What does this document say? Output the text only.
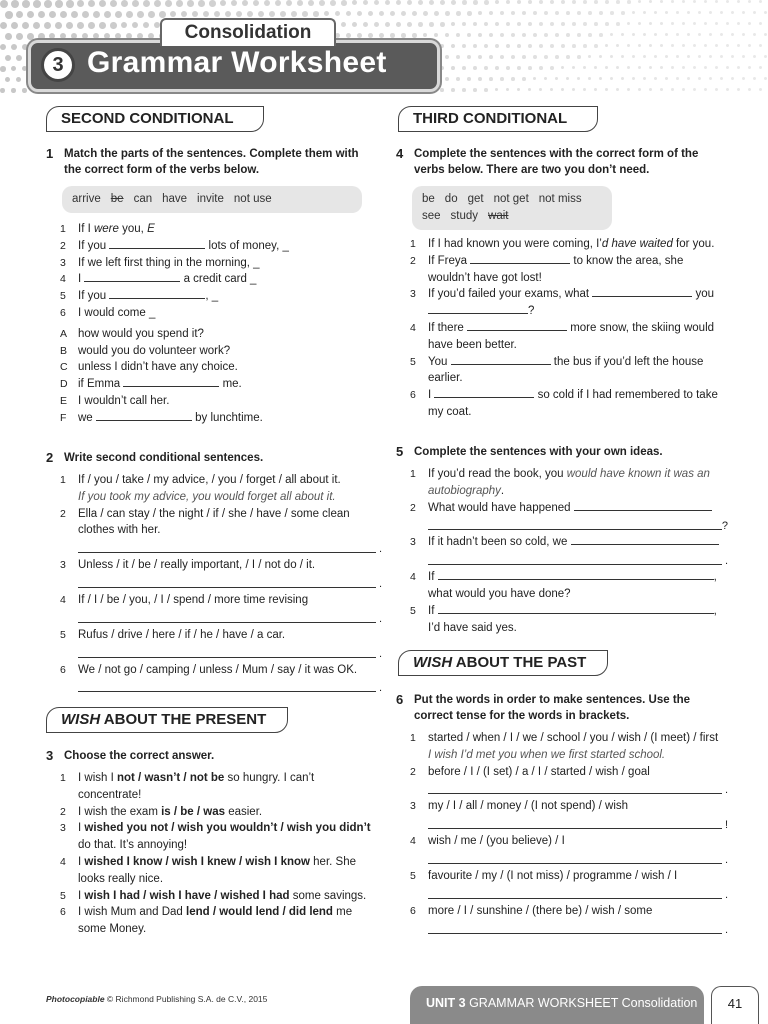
Consolidation
3 Grammar Worksheet
SECOND CONDITIONAL
1 Match the parts of the sentences. Complete them with the correct form of the verbs below.
arrive be can have invite not use
1 If I were you, E
2 If you	lots of money, _
3 If we left first thing in the morning, _
4 I	a credit card _
5 If you	, _
6 I would come _
A how would you spend it?
B would you do volunteer work?
C unless I didn’t have any choice.
D if Emma	me.
E I wouldn’t call her.
F we	by lunchtime.
2 Write second conditional sentences.
1 If / you / take / my advice, / you / forget / all about it.
If you took my advice, you would forget all about it.
2 Ella / can stay / the night / if / she / have / some clean clothes with her.
.
3 Unless / it / be / really important, / I / not do / it.
.
4 If / I / be / you, / I / spend / more time revising
.
5 Rufus / drive / here / if / he / have / a car.
.
6 We / not go / camping / unless / Mum / say / it was OK.
.
WISH ABOUT THE PRESENT
3 Choose the correct answer.
1 I wish I not / wasn’t / not be so hungry. I can’t concentrate!
2 I wish the exam is / be / was easier.
3 I wished you not / wish you wouldn’t / wish you didn’t do that. It’s annoying!
4 I wished I know / wish I knew / wish I know her. She looks really nice.
5 I wish I had / wish I have / wished I had some savings.
6 I wish Mum and Dad lend / would lend / did lend me some Money.
THIRD CONDITIONAL
4 Complete the sentences with the correct form of the verbs below. There are two you don’t need.
be do get not get not miss
see study wait
1 If I had known you were coming, I’d have waited for you.
2 If Freya	to know the area, she wouldn’t have got lost!
3 If you’d failed your exams, what	you
?
4 If there	more snow, the skiing would have been better.
5 You	the bus if you’d left the house earlier.
6 I	so cold if I had remembered to take my coat.
5 Complete the sentences with your own ideas.
1 If you’d read the book, you would have known it was an autobiography.
2 What would have happened
?
3 If it hadn’t been so cold, we
.
4 If	,
what would you have done?
5 If	,
I’d have said yes.
WISH ABOUT THE PAST
6 Put the words in order to make sentences. Use the correct tense for the words in brackets.
1 started / when / I / we / school / you / wish / (I meet) / first
I wish I’d met you when we first started school.
2 before / I / (I set) / a / I / started / wish / goal
.
3 my / I / all / money / (I not spend) / wish
!
4 wish / me / (you believe) / I
.
5 favourite / my / (I not miss) / programme / wish / I
.
6 more / I / sunshine / (there be) / wish / some
.
Photocopiable © Richmond Publishing S.A. de C.V., 2015	UNIT 3 GRAMMAR WORKSHEET Consolidation	41
